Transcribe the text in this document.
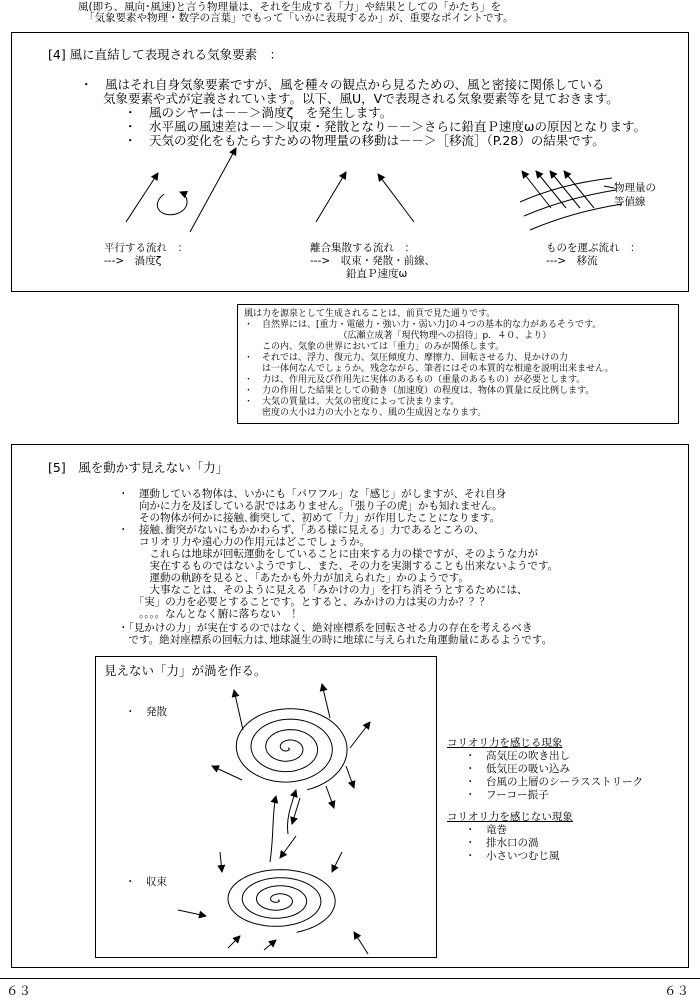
風(即ち、風向･風速)と言う物理量は、それを生成する「力」や結果としての「かたち」を
「気象要素や物理・数学の言葉」でもって「いかに表現するか」が、重要なポイントです。
[4] 風に直結して表現される気象要素　：
・　風はそれ自身気象要素ですが、風を種々の観点から見るための、風と密接に関係している
気象要素や式が定義されています。以下、風U，Vで表現される気象要素等を見ておきます。
・　風のシヤーは－－＞渦度ζ　を発生します。
・　水平風の風速差は－－＞収束・発散となり－－＞さらに鉛直Ｐ速度ωの原因となります。
・　天気の変化をもたらすための物理量の移動は－－＞［移流］（P.28）の結果です。
物理量の
等値線
平行する流れ　：
--->　渦度ζ
離合集散する流れ　：
--->　収束・発散・前線、
鉛直Ｐ速度ω
ものを運ぶ流れ　：
--->　移流
風は力を源泉として生成されることは、前頁で見た通りです。
・　自然界には、[重力・電磁力・強い力・弱い力]の４つの基本的な力があるそうです。
　　　　　　　　　　　（広瀬立成著「現代物理への招待」p．４０、より）
　　この内、気象の世界においては「重力」のみが関係します。
・　それでは、浮力、復元力、気圧傾度力、摩擦力、回転させる力、見かけの力
　　は一体何なんでしょうか。残念ながら、筆者にはその本質的な相違を説明出来ません。
・　力は、作用元及び作用先に実体のあるもの（重量のあるもの）が必要とします。
・　力の作用した結果としての動き（加速度）の程度は、物体の質量に反比例します。
・　大気の質量は、大気の密度によって決まります。
　　密度の大小は力の大小となり、風の生成因となります。
[5]　風を動かす見えない「力」
・　運動している物体は、いかにも「パワフル」な「感じ」がしますが、それ自身
　　向かに力を及ぼしている訳ではありません。「張り子の虎」かも知れません。
　　その物体が何かに接触､衝突して、初めて「力」が作用したことになります。
・　接触､衝突がないにもかかわらず、「ある様に見える」力であるところの、
　　コリオリ力や遠心力の作用元はどこでしょうか。
　　　これらは地球が回転運動をしていることに由来する力の様ですが、そのような力が
　　　実在するものではないようですし、また、その力を実測することも出来ないようです。
　　　運動の軌跡を見ると、「あたかも外力が加えられた」かのようです。
　　　大事なことは、そのように見える「みかけの力」を打ち消そうとするためには、
　　「実」の力を必要とすることです。とすると、みかけの力は実の力か？？？
　　。。。。なんとなく腑に落ちない　！
・「見かけの力」が実在するのではなく、絶対座標系を回転させる力の存在を考えるべき
　です。絶対座標系の回転力は､地球誕生の時に地球に与えられた角運動量にあるようです。
見えない「力」が渦を作る。
・　発散
・　収束
コリオリ力を感じる現象
・　高気圧の吹き出し
・　低気圧の吸い込み
・　台風の上層のシーラスストリーク
・　フーコー振子
コリオリ力を感じない現象
・　竜巻
・　排水口の渦
・　小さいつむじ風
６３	６３
